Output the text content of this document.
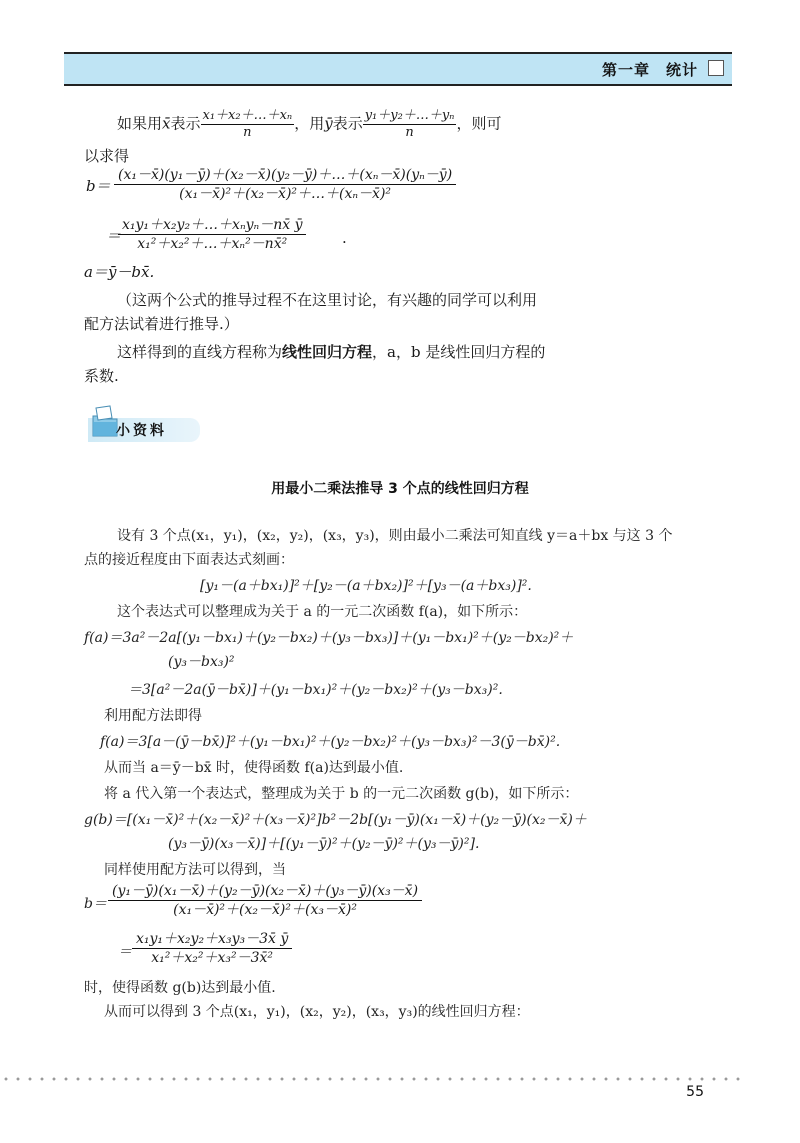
第一章　统计
如果用x̄表示 $\frac{\text{x₁＋x₂＋…＋xₙ}}{n}$ ，用ȳ表示 $\frac{\text{y₁＋y₂＋…＋yₙ}}{n}$ ，则可
以求得
$b= \frac{\text{(x₁－x̄)(y₁－ȳ)＋(x₂－x̄)(y₂－ȳ)＋…＋(xₙ－x̄)(yₙ－ȳ)}}{\text{(x₁－x̄)²＋(x₂－x̄)²＋…＋(xₙ－x̄)²}}$
＝
x₁y₁＋x₂y₂＋…＋xₙyₙ－nx̄ ȳ
x₁²＋x₂²＋…＋xₙ²－nx̄²	.
a＝ȳ－bx̄.
（这两个公式的推导过程不在这里讨论，有兴趣的同学可以利用
配方法试着进行推导.）
这样得到的直线方程称为线性回归方程，a，b 是线性回归方程的
系数.
小资料
用最小二乘法推导 3 个点的线性回归方程
设有 3 个点(x₁，y₁)，(x₂，y₂)，(x₃，y₃)，则由最小二乘法可知直线 y＝a＋bx 与这 3 个
点的接近程度由下面表达式刻画：
[y₁－(a＋bx₁)]²＋[y₂－(a＋bx₂)]²＋[y₃－(a＋bx₃)]².
这个表达式可以整理成为关于 a 的一元二次函数 f(a)，如下所示：
f(a)＝3a²－2a[(y₁－bx₁)＋(y₂－bx₂)＋(y₃－bx₃)]＋(y₁－bx₁)²＋(y₂－bx₂)²＋
(y₃－bx₃)²
＝3[a²－2a(ȳ－bx̄)]＋(y₁－bx₁)²＋(y₂－bx₂)²＋(y₃－bx₃)².
利用配方法即得
f(a)＝3[a－(ȳ－bx̄)]²＋(y₁－bx₁)²＋(y₂－bx₂)²＋(y₃－bx₃)²－3(ȳ－bx̄)².
从而当 a＝ȳ－bx̄ 时，使得函数 f(a)达到最小值.
将 a 代入第一个表达式，整理成为关于 b 的一元二次函数 g(b)，如下所示：
g(b)＝[(x₁－x̄)²＋(x₂－x̄)²＋(x₃－x̄)²]b²－2b[(y₁－ȳ)(x₁－x̄)＋(y₂－ȳ)(x₂－x̄)＋
(y₃－ȳ)(x₃－x̄)]＋[(y₁－ȳ)²＋(y₂－ȳ)²＋(y₃－ȳ)²].
同样使用配方法可以得到，当
$b= \frac{\text{(y₁－ȳ)(x₁－x̄)＋(y₂－ȳ)(x₂－x̄)＋(y₃－ȳ)(x₃－x̄)}}{\text{(x₁－x̄)²＋(x₂－x̄)²＋(x₃－x̄)²}}$
＝ $\frac{\text{x₁y₁＋x₂y₂＋x₃y₃－3x̄ ȳ}}{\text{x₁²＋x₂²＋x₃²－3x̄²}}$
时，使得函数 g(b)达到最小值.
从而可以得到 3 个点(x₁，y₁)，(x₂，y₂)，(x₃，y₃)的线性回归方程：
55
